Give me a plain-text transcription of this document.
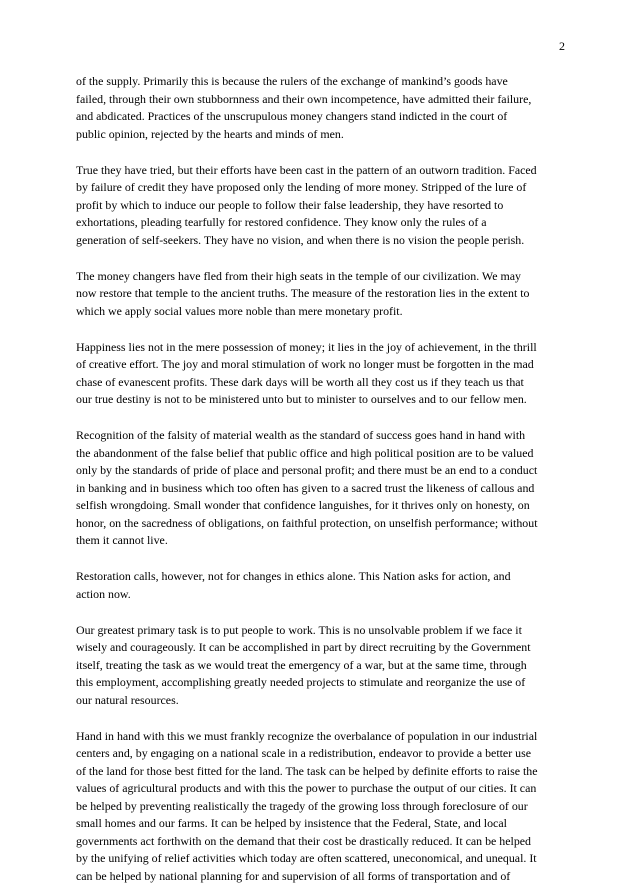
2

of the supply. Primarily this is because the rulers of the exchange of mankind’s goods have
failed, through their own stubbornness and their own incompetence, have admitted their failure,
and abdicated. Practices of the unscrupulous money changers stand indicted in the court of
public opinion, rejected by the hearts and minds of men.

True they have tried, but their efforts have been cast in the pattern of an outworn tradition. Faced
by failure of credit they have proposed only the lending of more money. Stripped of the lure of
profit by which to induce our people to follow their false leadership, they have resorted to
exhortations, pleading tearfully for restored confidence. They know only the rules of a
generation of self-seekers. They have no vision, and when there is no vision the people perish.

The money changers have fled from their high seats in the temple of our civilization. We may
now restore that temple to the ancient truths. The measure of the restoration lies in the extent to
which we apply social values more noble than mere monetary profit.

Happiness lies not in the mere possession of money; it lies in the joy of achievement, in the thrill
of creative effort. The joy and moral stimulation of work no longer must be forgotten in the mad
chase of evanescent profits. These dark days will be worth all they cost us if they teach us that
our true destiny is not to be ministered unto but to minister to ourselves and to our fellow men.

Recognition of the falsity of material wealth as the standard of success goes hand in hand with
the abandonment of the false belief that public office and high political position are to be valued
only by the standards of pride of place and personal profit; and there must be an end to a conduct
in banking and in business which too often has given to a sacred trust the likeness of callous and
selfish wrongdoing. Small wonder that confidence languishes, for it thrives only on honesty, on
honor, on the sacredness of obligations, on faithful protection, on unselfish performance; without
them it cannot live.

Restoration calls, however, not for changes in ethics alone. This Nation asks for action, and
action now.

Our greatest primary task is to put people to work. This is no unsolvable problem if we face it
wisely and courageously. It can be accomplished in part by direct recruiting by the Government
itself, treating the task as we would treat the emergency of a war, but at the same time, through
this employment, accomplishing greatly needed projects to stimulate and reorganize the use of
our natural resources.

Hand in hand with this we must frankly recognize the overbalance of population in our industrial
centers and, by engaging on a national scale in a redistribution, endeavor to provide a better use
of the land for those best fitted for the land. The task can be helped by definite efforts to raise the
values of agricultural products and with this the power to purchase the output of our cities. It can
be helped by preventing realistically the tragedy of the growing loss through foreclosure of our
small homes and our farms. It can be helped by insistence that the Federal, State, and local
governments act forthwith on the demand that their cost be drastically reduced. It can be helped
by the unifying of relief activities which today are often scattered, uneconomical, and unequal. It
can be helped by national planning for and supervision of all forms of transportation and of
